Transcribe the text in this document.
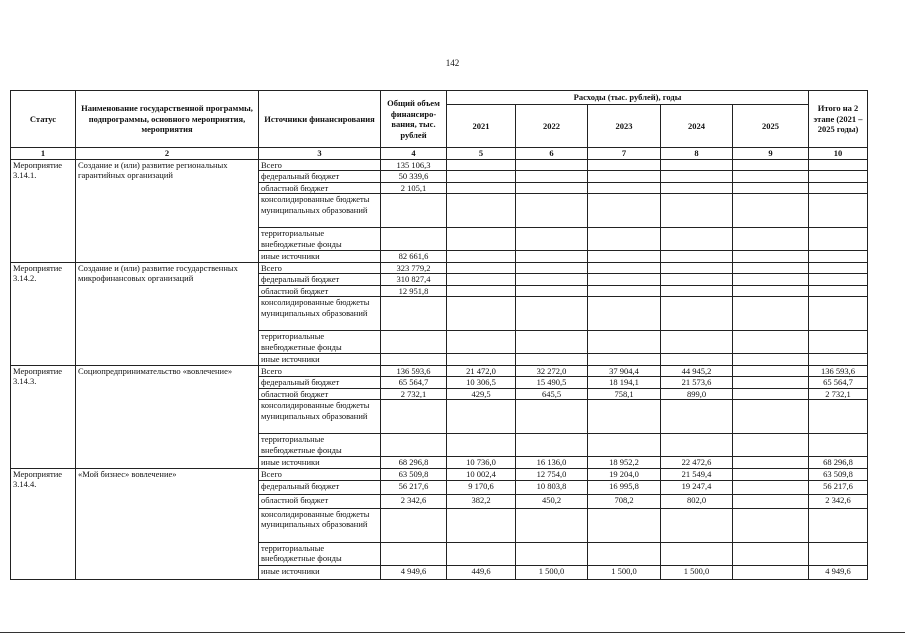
142
Статус	Наименование государственной программы, подпрограммы, основного мероприятия, мероприятия	Источники финансирования	Общий объем финансиро-вания, тыс. рублей	Расходы (тыс. рублей), годы					Итого на 2 этапе (2021 – 2025 годы)
				2021	2022	2023	2024	2025	
1	2	3	4	5	6	7	8	9	10
Мероприятие 3.14.1.	Создание и (или) развитие региональных гарантийных организаций	Всего	135 106,3						
		федеральный бюджет	50 339,6						
		областной бюджет	2 105,1						
		консолидированные бюджеты муниципальных образований							
		территориальные внебюджетные фонды							
		иные источники	82 661,6						
Мероприятие 3.14.2.	Создание и (или) развитие государственных микрофинансовых организаций	Всего	323 779,2						
		федеральный бюджет	310 827,4						
		областной бюджет	12 951,8						
		консолидированные бюджеты муниципальных образований							
		территориальные внебюджетные фонды							
		иные источники							
Мероприятие 3.14.3.	Социопредпринимательство «вовлечение»	Всего	136 593,6	21 472,0	32 272,0	37 904,4	44 945,2		136 593,6
		федеральный бюджет	65 564,7	10 306,5	15 490,5	18 194,1	21 573,6		65 564,7
		областной бюджет	2 732,1	429,5	645,5	758,1	899,0		2 732,1
		консолидированные бюджеты муниципальных образований							
		территориальные внебюджетные фонды							
		иные источники	68 296,8	10 736,0	16 136,0	18 952,2	22 472,6		68 296,8
Мероприятие 3.14.4.	«Мой бизнес» вовлечение»	Всего	63 509,8	10 002,4	12 754,0	19 204,0	21 549,4		63 509,8
		федеральный бюджет	56 217,6	9 170,6	10 803,8	16 995,8	19 247,4		56 217,6
		областной бюджет	2 342,6	382,2	450,2	708,2	802,0		2 342,6
		консолидированные бюджеты муниципальных образований							
		территориальные внебюджетные фонды							
		иные источники	4 949,6	449,6	1 500,0	1 500,0	1 500,0		4 949,6
